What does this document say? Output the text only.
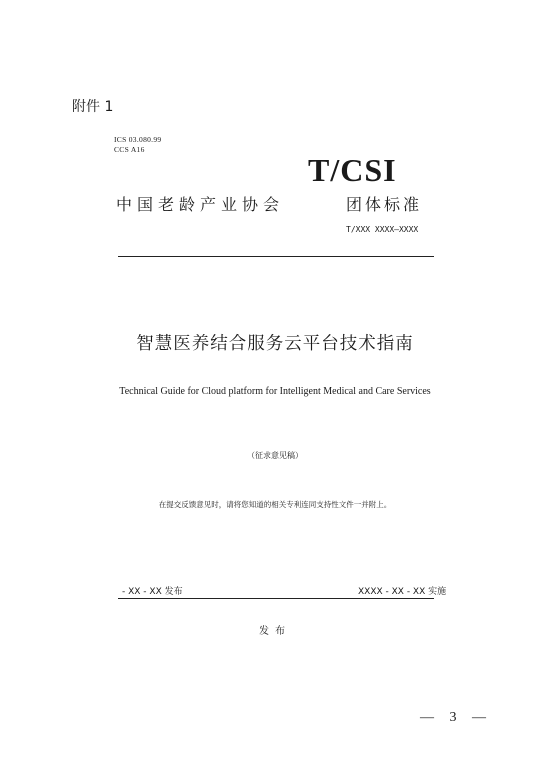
附件 1
ICS 03.080.99
CCS A16
T/CSI
中国老龄产业协会	团体标准
T/XXX XXXX—XXXX
智慧医养结合服务云平台技术指南
Technical Guide for Cloud platform for Intelligent Medical and Care Services
（征求意见稿）
在提交反馈意见时，请将您知道的相关专利连同支持性文件一并附上。
- XX - XX 发布	XXXX - XX - XX 实施
发布
— 3 —
